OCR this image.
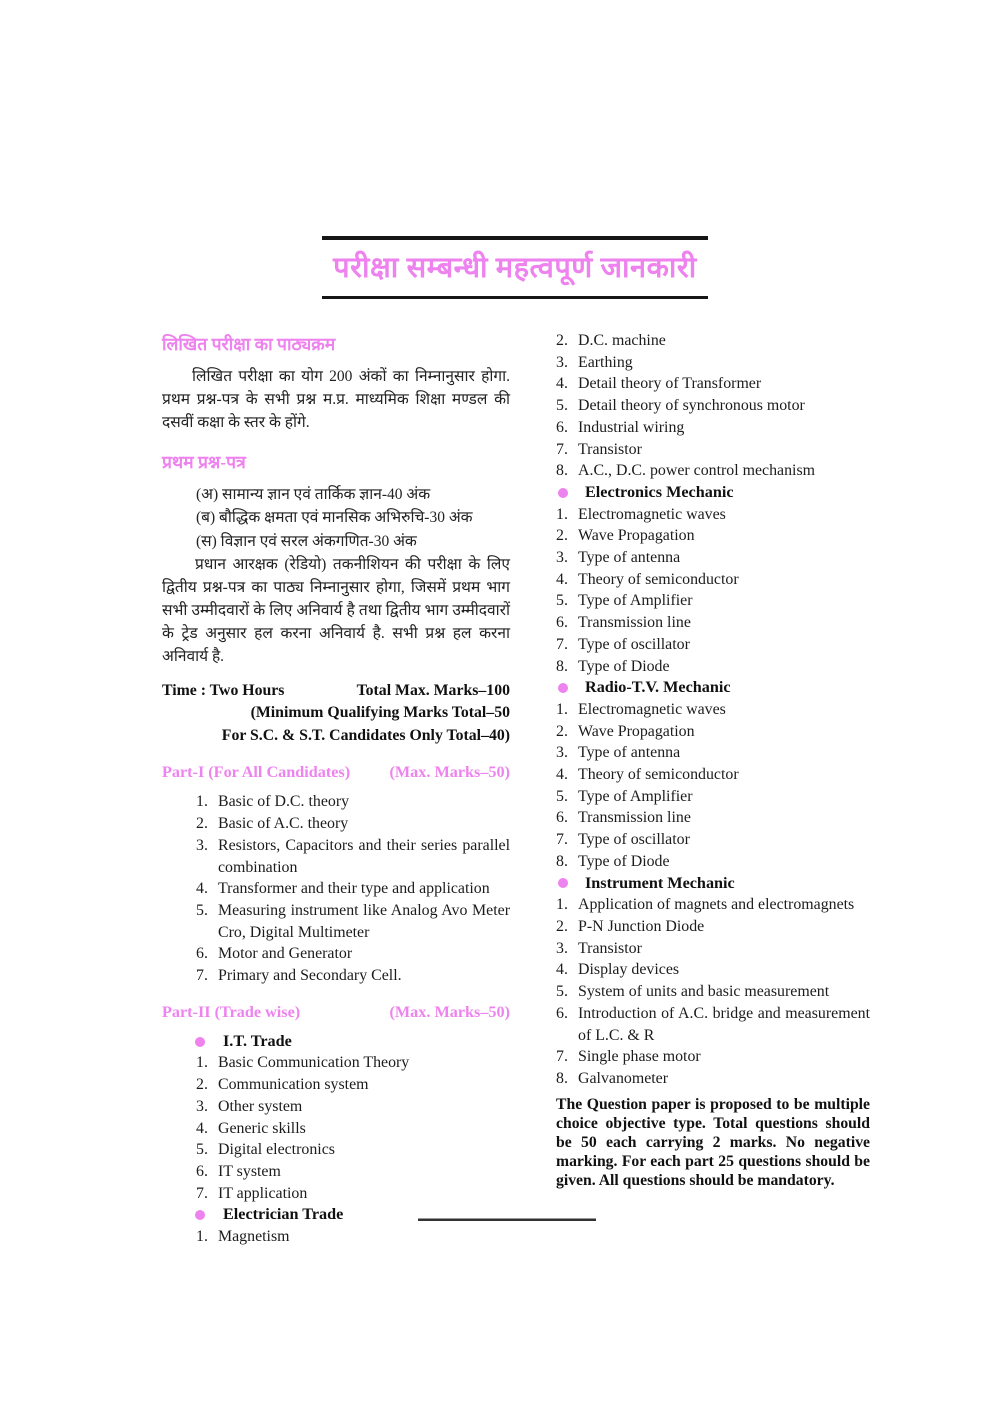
परीक्षा सम्बन्धी महत्वपूर्ण जानकारी
लिखित परीक्षा का पाठ्यक्रम

लिखित परीक्षा का योग 200 अंकों का निम्नानुसार होगा. प्रथम प्रश्न-पत्र के सभी प्रश्न म.प्र. माध्यमिक शिक्षा मण्डल की दसवीं कक्षा के स्तर के होंगे.

प्रथम प्रश्न-पत्र
(अ) सामान्य ज्ञान एवं तार्किक ज्ञान-40 अंक
(ब) बौद्धिक क्षमता एवं मानसिक अभिरुचि-30 अंक
(स) विज्ञान एवं सरल अंकगणित-30 अंक

प्रधान आरक्षक (रेडियो) तकनीशियन की परीक्षा के लिए द्वितीय प्रश्न-पत्र का पाठ्य निम्नानुसार होगा, जिसमें प्रथम भाग सभी उम्मीदवारों के लिए अनिवार्य है तथा द्वितीय भाग उम्मीदवारों के ट्रेड अनुसार हल करना अनिवार्य है. सभी प्रश्न हल करना अनिवार्य है.

Time : Two Hours	Total Max. Marks–100
(Minimum Qualifying Marks Total–50
For S.C. & S.T. Candidates Only Total–40)
Part-I (For All Candidates) (Max. Marks–50)
1. Basic of D.C. theory
2. Basic of A.C. theory
3. Resistors, Capacitors and their series parallel combination
4. Transformer and their type and application
5. Measuring instrument like Analog Avo Meter Cro, Digital Multimeter
6. Motor and Generator
7. Primary and Secondary Cell.
Part-II (Trade wise)	(Max. Marks–50)
I.T. Trade
1. Basic Communication Theory
2. Communication system
3. Other system
4. Generic skills
5. Digital electronics
6. IT system
7. IT application
Electrician Trade
1. Magnetism
2. D.C. machine
3. Earthing
4. Detail theory of Transformer
5. Detail theory of synchronous motor
6. Industrial wiring
7. Transistor
8. A.C., D.C. power control mechanism
Electronics Mechanic
1. Electromagnetic waves
2. Wave Propagation
3. Type of antenna
4. Theory of semiconductor
5. Type of Amplifier
6. Transmission line
7. Type of oscillator
8. Type of Diode
Radio-T.V. Mechanic
1. Electromagnetic waves
2. Wave Propagation
3. Type of antenna
4. Theory of semiconductor
5. Type of Amplifier
6. Transmission line
7. Type of oscillator
8. Type of Diode
Instrument Mechanic
1. Application of magnets and electromagnets
2. P-N Junction Diode
3. Transistor
4. Display devices
5. System of units and basic measurement
6. Introduction of A.C. bridge and measurement of L.C. & R
7. Single phase motor
8. Galvanometer

The Question paper is proposed to be multiple choice objective type. Total questions should be 50 each carrying 2 marks. No negative marking. For each part 25 questions should be given. All questions should be mandatory.
